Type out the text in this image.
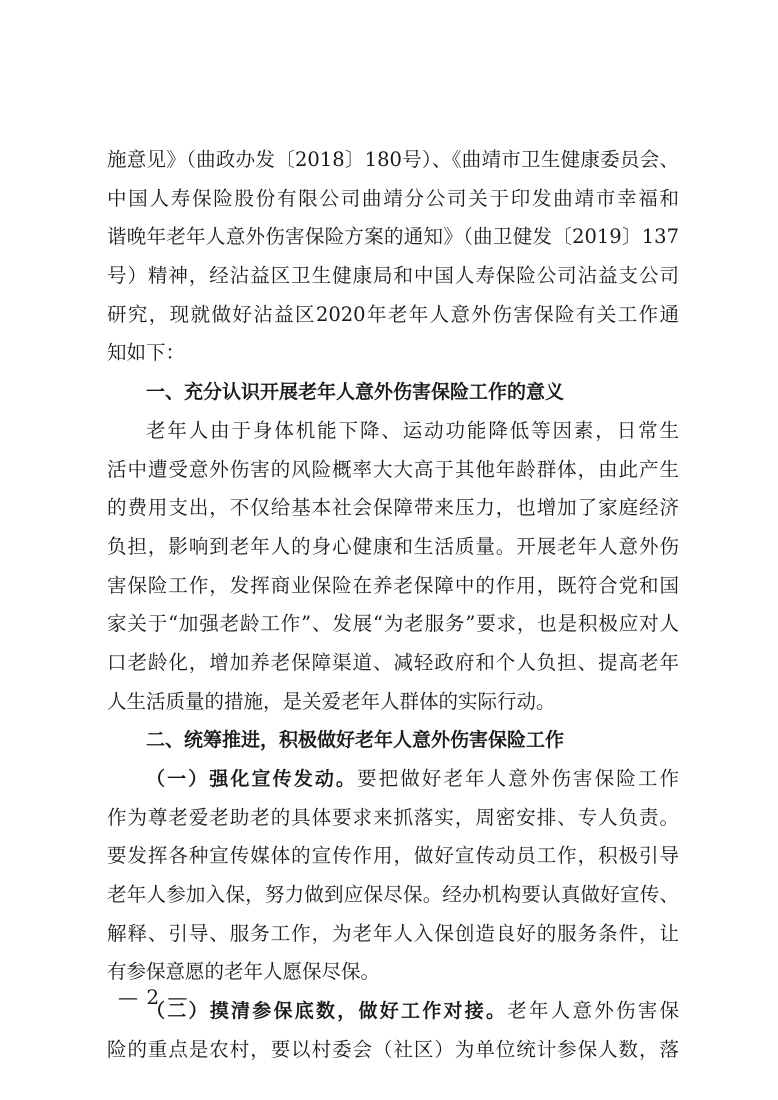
施意见》（曲政办发〔2018〕180号）、《曲靖市卫生健康委员会、
中国人寿保险股份有限公司曲靖分公司关于印发曲靖市幸福和
谐晚年老年人意外伤害保险方案的通知》（曲卫健发〔2019〕137
号）精神，经沾益区卫生健康局和中国人寿保险公司沾益支公司
研究，现就做好沾益区2020年老年人意外伤害保险有关工作通
知如下：
一、充分认识开展老年人意外伤害保险工作的意义
老年人由于身体机能下降、运动功能降低等因素，日常生
活中遭受意外伤害的风险概率大大高于其他年龄群体，由此产生
的费用支出，不仅给基本社会保障带来压力，也增加了家庭经济
负担，影响到老年人的身心健康和生活质量。开展老年人意外伤
害保险工作，发挥商业保险在养老保障中的作用，既符合党和国
家关于“加强老龄工作”、发展“为老服务”要求，也是积极应对人
口老龄化，增加养老保障渠道、减轻政府和个人负担、提高老年
人生活质量的措施，是关爱老年人群体的实际行动。
二、统筹推进，积极做好老年人意外伤害保险工作
（一）强化宣传发动。要把做好老年人意外伤害保险工作
作为尊老爱老助老的具体要求来抓落实，周密安排、专人负责。
要发挥各种宣传媒体的宣传作用，做好宣传动员工作，积极引导
老年人参加入保，努力做到应保尽保。经办机构要认真做好宣传、
解释、引导、服务工作，为老年人入保创造良好的服务条件，让
有参保意愿的老年人愿保尽保。
（二）摸清参保底数，做好工作对接。老年人意外伤害保
险的重点是农村，要以村委会（社区）为单位统计参保人数，落
— 2 —
